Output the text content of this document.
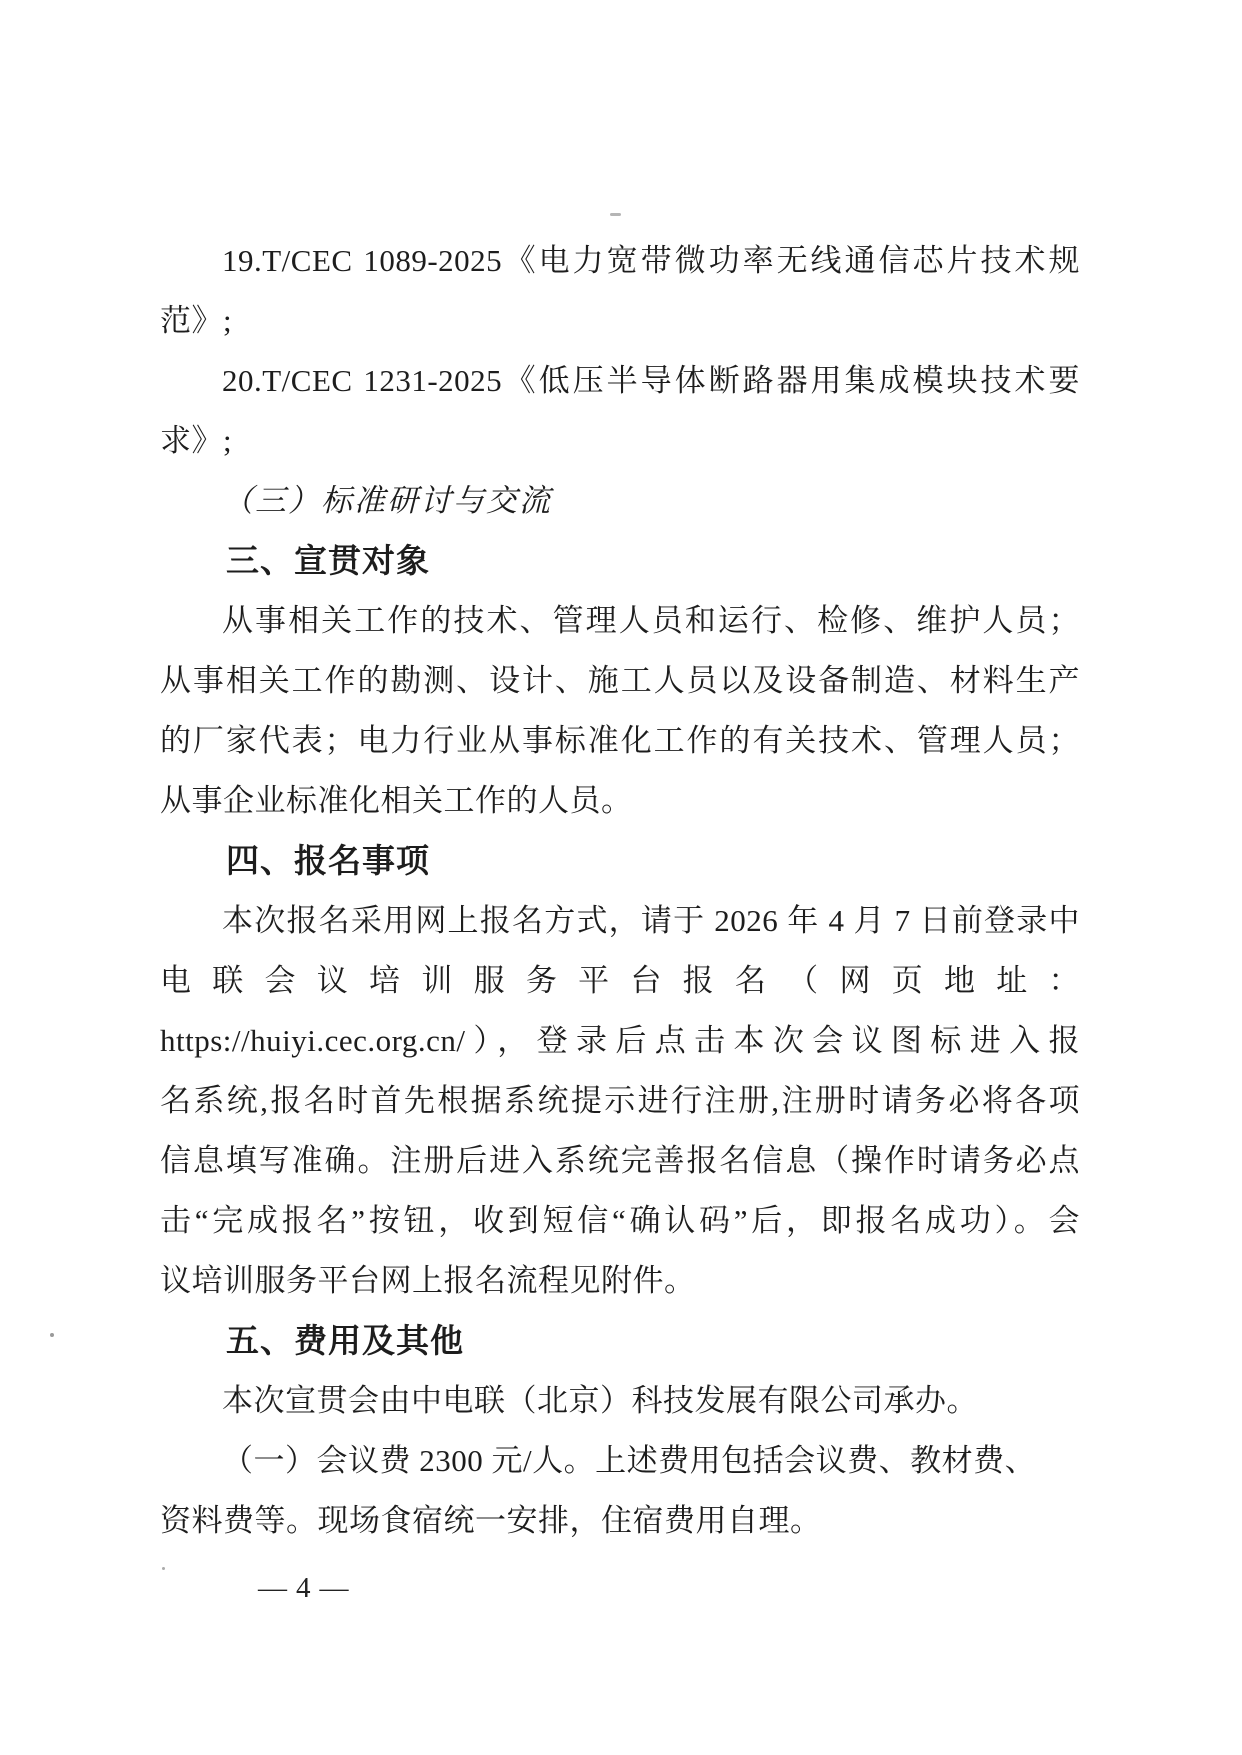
19.T/CEC 1089-2025《电力宽带微功率无线通信芯片技术规

范》;

20.T/CEC 1231-2025《低压半导体断路器用集成模块技术要

求》;

（三）标准研讨与交流

三、宣贯对象

从事相关工作的技术、管理人员和运行、检修、维护人员；

从事相关工作的勘测、设计、施工人员以及设备制造、材料生产

的厂家代表；电力行业从事标准化工作的有关技术、管理人员；

从事企业标准化相关工作的人员。

四、报名事项

本次报名采用网上报名方式，请于 2026 年 4 月 7 日前登录中

电联会议培训服务平台报名（网页地址：

https://huiyi.cec.org.cn/），登录后点击本次会议图标进入报

名系统,报名时首先根据系统提示进行注册,注册时请务必将各项

信息填写准确。注册后进入系统完善报名信息（操作时请务必点

击“完成报名”按钮，收到短信“确认码”后，即报名成功）。会

议培训服务平台网上报名流程见附件。

五、费用及其他

本次宣贯会由中电联（北京）科技发展有限公司承办。

（一）会议费 2300 元/人。上述费用包括会议费、教材费、

资料费等。现场食宿统一安排，住宿费用自理。

—4—
